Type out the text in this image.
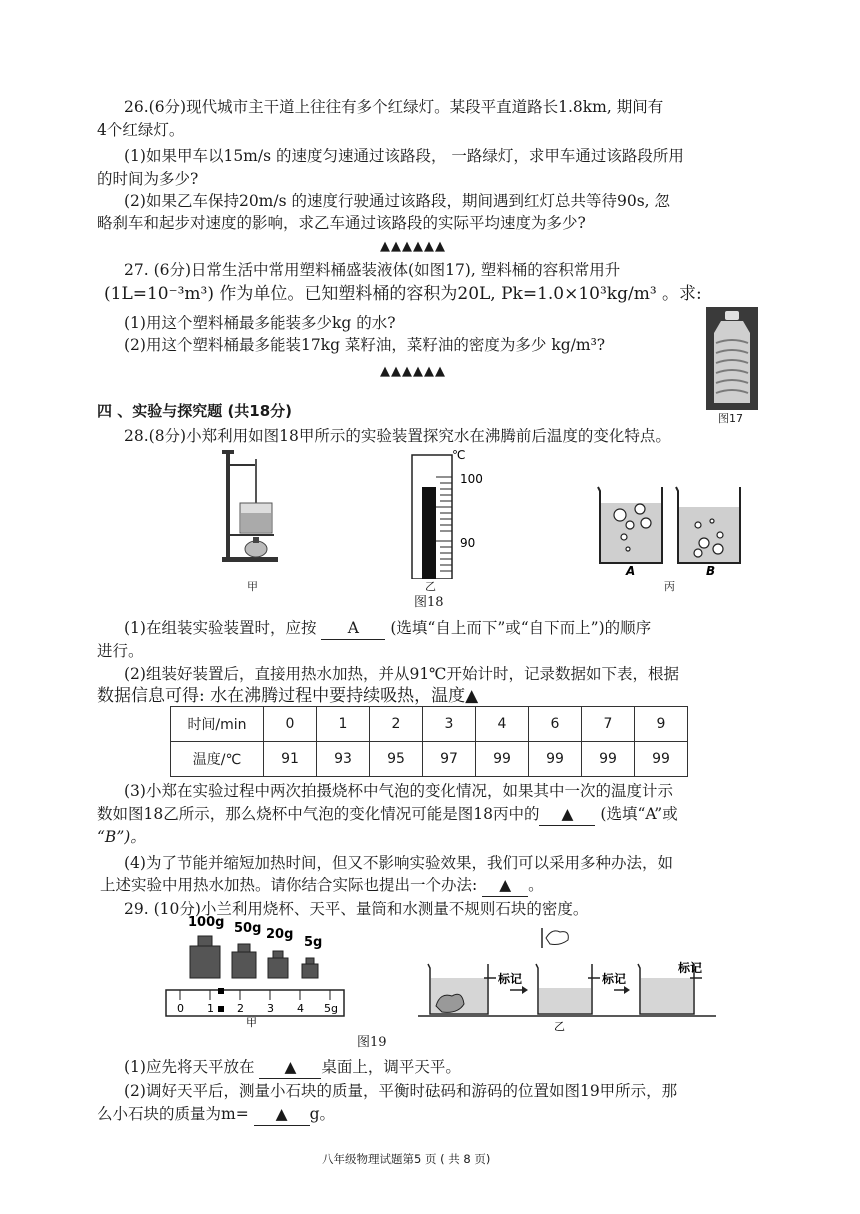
26.(6分)现代城市主干道上往往有多个红绿灯。某段平直道路长1.8km, 期间有
4个红绿灯。
(1)如果甲车以15m/s 的速度匀速通过该路段， 一路绿灯，求甲车通过该路段所用
的时间为多少?
(2)如果乙车保持20m/s 的速度行驶通过该路段，期间遇到红灯总共等待90s, 忽
略刹车和起步对速度的影响，求乙车通过该路段的实际平均速度为多少?
▲▲▲▲▲▲
27. (6分)日常生活中常用塑料桶盛装液体(如图17), 塑料桶的容积常用升
(1L=10⁻³m³) 作为单位。已知塑料桶的容积为20L, Pk=1.0×10³kg/m³ 。求:
(1)用这个塑料桶最多能装多少kg 的水?
(2)用这个塑料桶最多能装17kg 菜籽油，菜籽油的密度为多少 kg/m³?
▲▲▲▲▲▲
图17
四 、实验与探究题 (共18分)
28.(8分)小郑利用如图18甲所示的实验装置探究水在沸腾前后温度的变化特点。
甲
℃
100
90
乙
A	B
丙
图18
(1)在组装实验装置时，应按 A (选填“自上而下”或“自下而上”)的顺序
进行。
(2)组装好装置后，直接用热水加热，并从91℃开始计时，记录数据如下表，根据
数据信息可得: 水在沸腾过程中要持续吸热，温度▲
时间/min	0	1	2	3	4	6	7	9
温度/℃	91	93	95	97	99	99	99	99
(3)小郑在实验过程中两次拍摄烧杯中气泡的变化情况，如果其中一次的温度计示
数如图18乙所示，那么烧杯中气泡的变化情况可能是图18丙中的 ▲ (选填“A”或
“B”)。
(4)为了节能并缩短加热时间，但又不影响实验效果，我们可以采用多种办法，如
上述实验中用热水加热。请你结合实际也提出一个办法: ▲ 。
29. (10分)小兰利用烧杯、天平、量筒和水测量不规则石块的密度。
100g 50g 20g
5g
0 1 2 3 4 5g
甲
标记	标记
标记
乙
图19
(1)应先将天平放在 ▲ 桌面上，调平天平。
(2)调好天平后，测量小石块的质量，平衡时砝码和游码的位置如图19甲所示，那
么小石块的质量为m= ▲ g。
八年级物理试题第5 页 ( 共 8 页)
